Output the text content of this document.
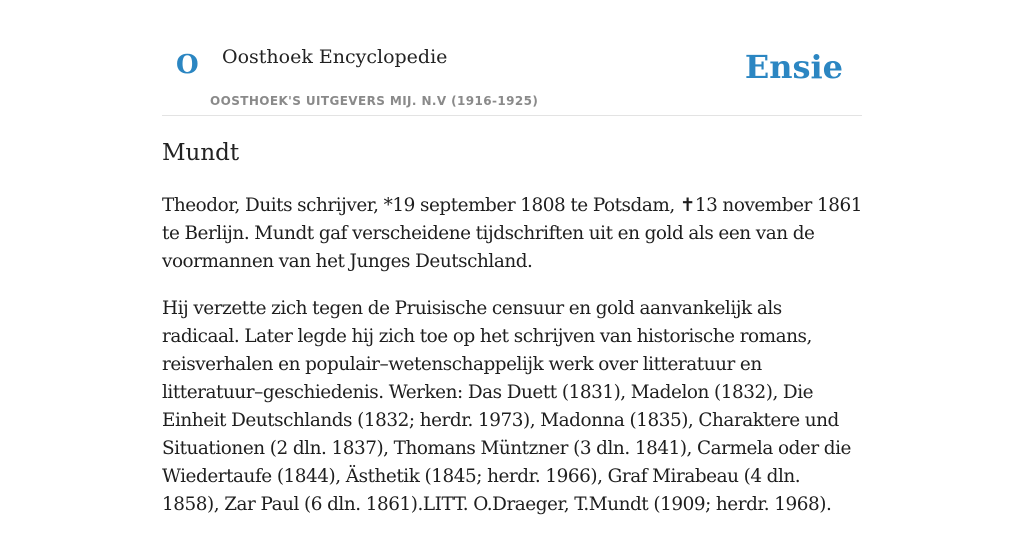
O Oosthoek Encyclopedie
OOSTHOEK'S UITGEVERS MIJ. N.V (1916-1925)
Ensie
Mundt

Theodor, Duits schrijver, *19 september 1808 te Potsdam, ✝13 november 1861 te Berlijn. Mundt gaf verscheidene tijdschriften uit en gold als een van de voormannen van het Junges Deutschland.

Hij verzette zich tegen de Pruisische censuur en gold aanvankelijk als radicaal. Later legde hij zich toe op het schrijven van historische romans, reisverhalen en populair–wetenschappelijk werk over litteratuur en litteratuur–geschiedenis. Werken: Das Duett (1831), Madelon (1832), Die Einheit Deutschlands (1832; herdr. 1973), Madonna (1835), Charaktere und Situationen (2 dln. 1837), Thomans Müntzner (3 dln. 1841), Carmela oder die Wiedertaufe (1844), Ästhetik (1845; herdr. 1966), Graf Mirabeau (4 dln. 1858), Zar Paul (6 dln. 1861).LITT. O.Draeger, T.Mundt (1909; herdr. 1968).
